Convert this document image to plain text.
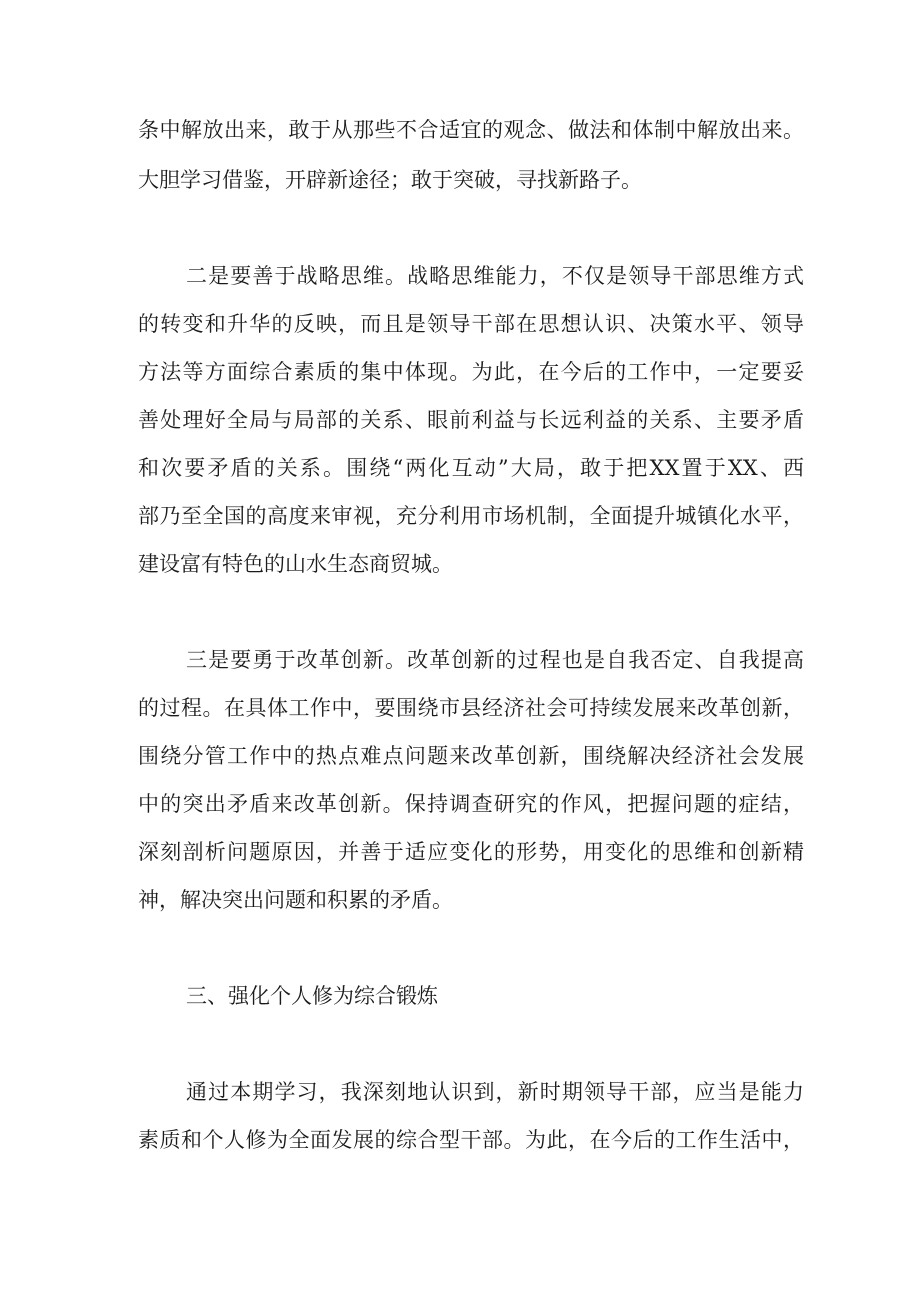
条中解放出来，敢于从那些不合适宜的观念、做法和体制中解放出来。
大胆学习借鉴，开辟新途径；敢于突破，寻找新路子。
二是要善于战略思维。战略思维能力，不仅是领导干部思维方式
的转变和升华的反映，而且是领导干部在思想认识、决策水平、领导
方法等方面综合素质的集中体现。为此，在今后的工作中，一定要妥
善处理好全局与局部的关系、眼前利益与长远利益的关系、主要矛盾
和次要矛盾的关系。围绕“两化互动”大局，敢于把XX置于XX、西
部乃至全国的高度来审视，充分利用市场机制，全面提升城镇化水平，
建设富有特色的山水生态商贸城。
三是要勇于改革创新。改革创新的过程也是自我否定、自我提高
的过程。在具体工作中，要围绕市县经济社会可持续发展来改革创新，
围绕分管工作中的热点难点问题来改革创新，围绕解决经济社会发展
中的突出矛盾来改革创新。保持调查研究的作风，把握问题的症结，
深刻剖析问题原因，并善于适应变化的形势，用变化的思维和创新精
神，解决突出问题和积累的矛盾。
三、强化个人修为综合锻炼
通过本期学习，我深刻地认识到，新时期领导干部，应当是能力
素质和个人修为全面发展的综合型干部。为此，在今后的工作生活中，
